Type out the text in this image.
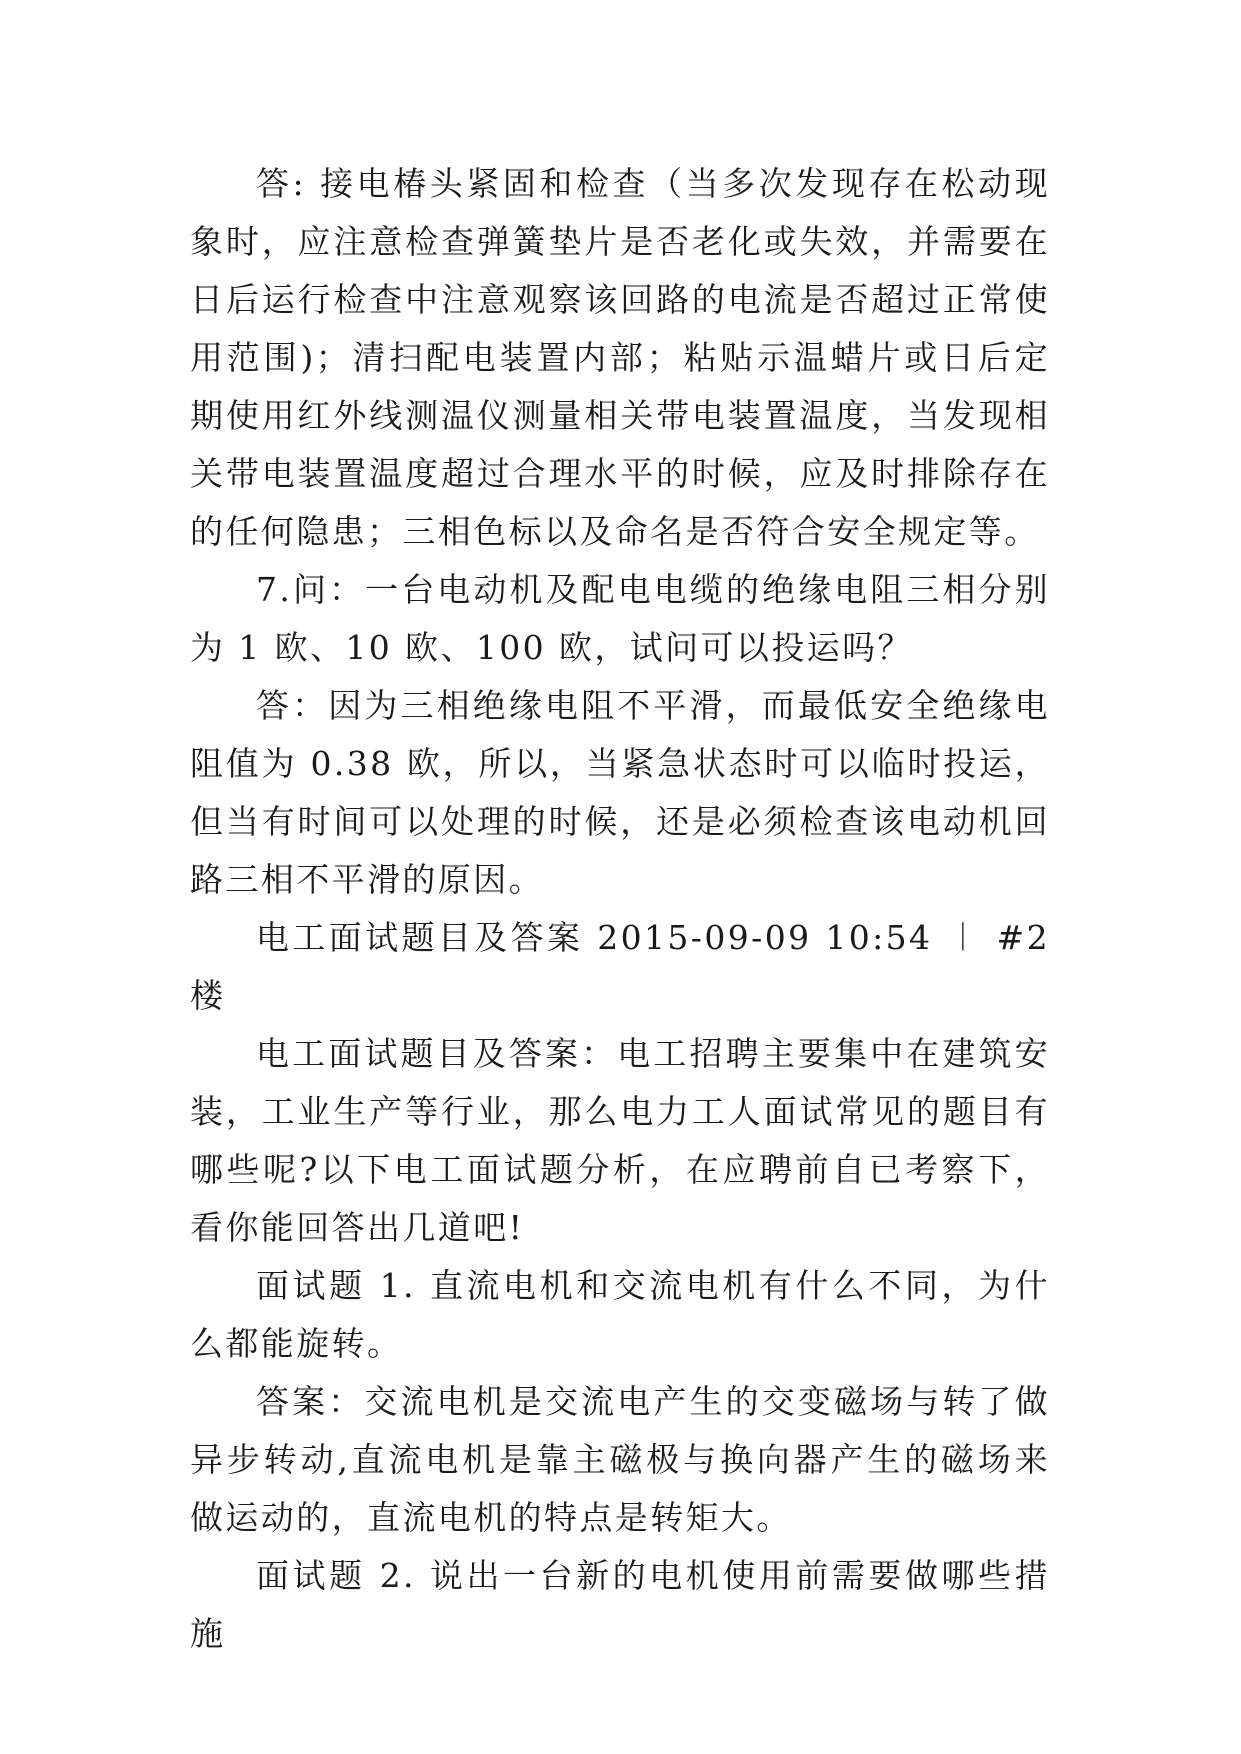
答: 接电椿头紧固和检查（当多次发现存在松动现象时，应注意检查弹簧垫片是否老化或失效，并需要在日后运行检查中注意观察该回路的电流是否超过正常使用范围)；清扫配电装置内部；粘贴示温蜡片或日后定期使用红外线测温仪测量相关带电装置温度，当发现相关带电装置温度超过合理水平的时候，应及时排除存在的任何隐患；三相色标以及命名是否符合安全规定等。

7.问：一台电动机及配电电缆的绝缘电阻三相分别为 1 欧、10 欧、100 欧，试问可以投运吗？

答：因为三相绝缘电阻不平滑，而最低安全绝缘电阻值为 0.38 欧，所以，当紧急状态时可以临时投运，但当有时间可以处理的时候，还是必须检查该电动机回路三相不平滑的原因。

电工面试题目及答案 2015-09-09 10:54 ︱ #2 楼

电工面试题目及答案：电工招聘主要集中在建筑安装，工业生产等行业，那么电力工人面试常见的题目有哪些呢?以下电工面试题分析，在应聘前自已考察下，看你能回答出几道吧!

面试题 1. 直流电机和交流电机有什么不同，为什么都能旋转。

答案：交流电机是交流电产生的交变磁场与转了做异步转动,直流电机是靠主磁极与换向器产生的磁场来做运动的，直流电机的特点是转矩大。

面试题 2. 说出一台新的电机使用前需要做哪些措施
